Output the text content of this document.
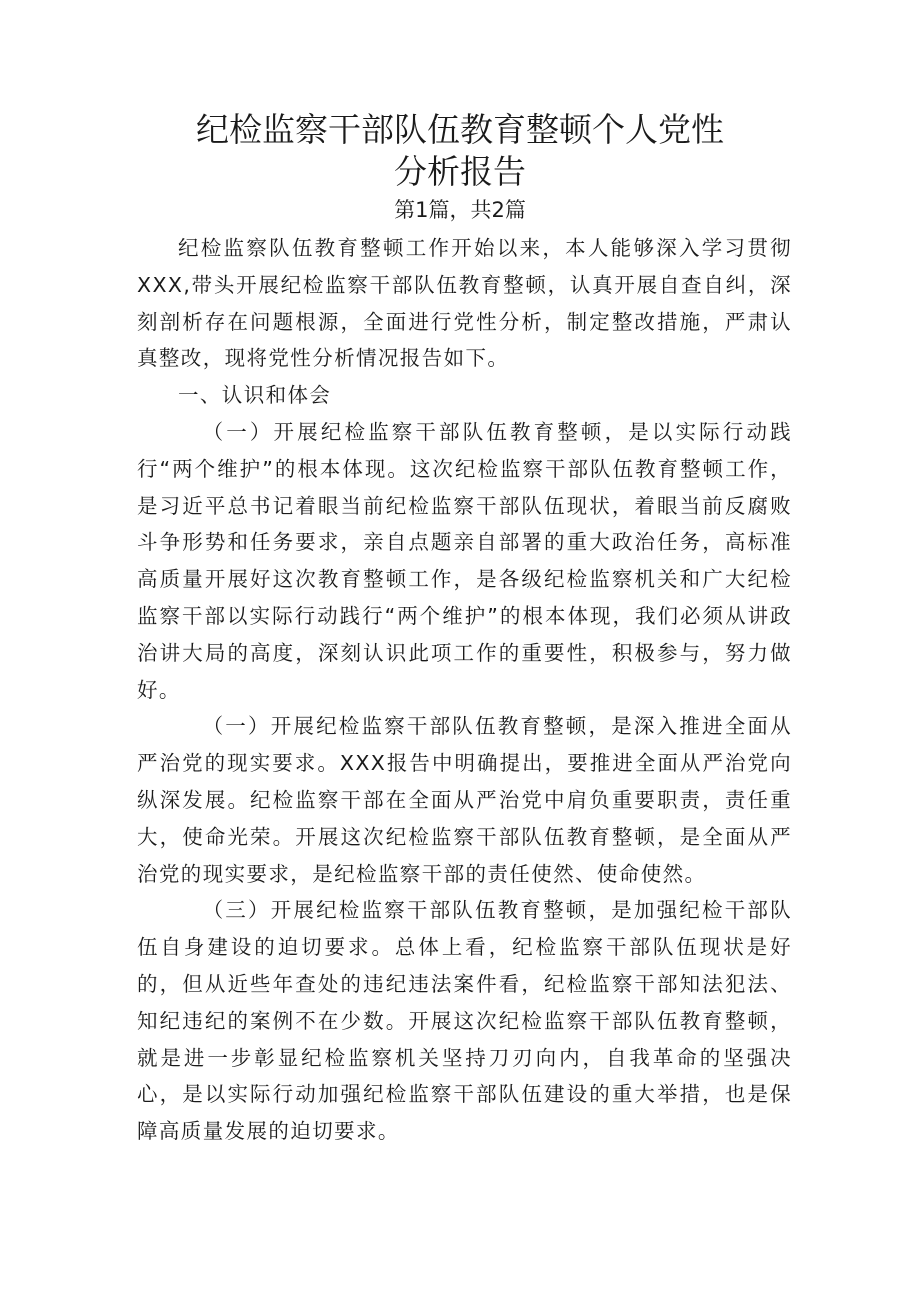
纪检监察干部队伍教育整顿个人党性
分析报告
第1篇，共2篇

纪检监察队伍教育整顿工作开始以来，本人能够深入学习贯彻XXX,带头开展纪检监察干部队伍教育整顿，认真开展自查自纠，深刻剖析存在问题根源，全面进行党性分析，制定整改措施，严肃认真整改，现将党性分析情况报告如下。

一、认识和体会

（一）开展纪检监察干部队伍教育整顿，是以实际行动践行“两个维护”的根本体现。这次纪检监察干部队伍教育整顿工作，是习近平总书记着眼当前纪检监察干部队伍现状，着眼当前反腐败斗争形势和任务要求，亲自点题亲自部署的重大政治任务，高标准高质量开展好这次教育整顿工作，是各级纪检监察机关和广大纪检监察干部以实际行动践行“两个维护”的根本体现，我们必须从讲政治讲大局的高度，深刻认识此项工作的重要性，积极参与，努力做好。

（一）开展纪检监察干部队伍教育整顿，是深入推进全面从严治党的现实要求。XXX报告中明确提出，要推进全面从严治党向纵深发展。纪检监察干部在全面从严治党中肩负重要职责，责任重大，使命光荣。开展这次纪检监察干部队伍教育整顿，是全面从严治党的现实要求，是纪检监察干部的责任使然、使命使然。

（三）开展纪检监察干部队伍教育整顿，是加强纪检干部队伍自身建设的迫切要求。总体上看，纪检监察干部队伍现状是好的，但从近些年查处的违纪违法案件看，纪检监察干部知法犯法、知纪违纪的案例不在少数。开展这次纪检监察干部队伍教育整顿，就是进一步彰显纪检监察机关坚持刀刃向内，自我革命的坚强决心，是以实际行动加强纪检监察干部队伍建设的重大举措，也是保障高质量发展的迫切要求。
